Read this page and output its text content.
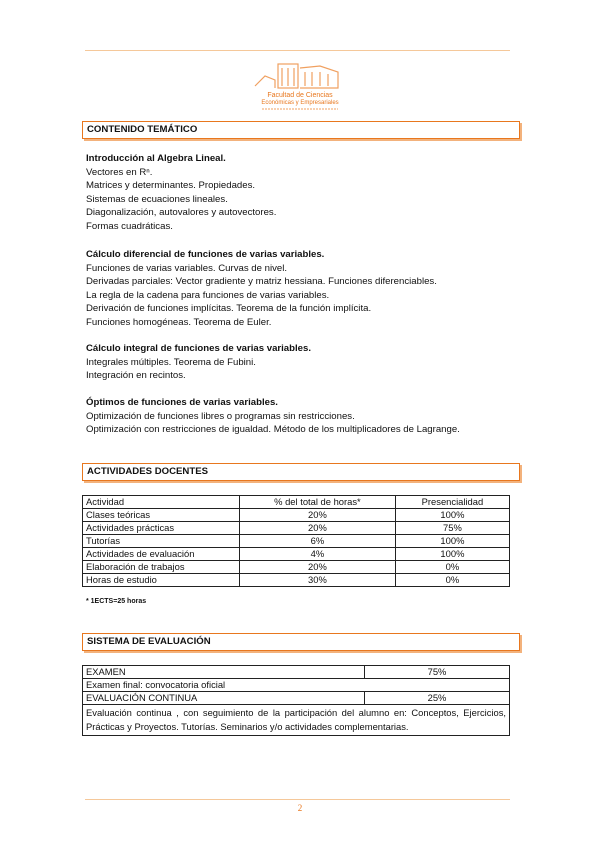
Facultad de Ciencias
Económicas y Empresariales
CONTENIDO TEMÁTICO
Introducción al Algebra Lineal.
Vectores en Rⁿ.
Matrices y determinantes. Propiedades.
Sistemas de ecuaciones lineales.
Diagonalización, autovalores y autovectores.
Formas cuadráticas.
Cálculo diferencial de funciones de varias variables.
Funciones de varias variables. Curvas de nivel.
Derivadas parciales: Vector gradiente y matriz hessiana. Funciones diferenciables.
La regla de la cadena para funciones de varias variables.
Derivación de funciones implícitas. Teorema de la función implícita.
Funciones homogéneas. Teorema de Euler.
Cálculo integral de funciones de varias variables.
Integrales múltiples. Teorema de Fubini.
Integración en recintos.
Óptimos de funciones de varias variables.
Optimización de funciones libres o programas sin restricciones.
Optimización con restricciones de igualdad. Método de los multiplicadores de Lagrange.
ACTIVIDADES DOCENTES
Actividad	% del total de horas*	Presencialidad
Clases teóricas	20%	100%
Actividades prácticas	20%	75%
Tutorías	6%	100%
Actividades de evaluación	4%	100%
Elaboración de trabajos	20%	0%
Horas de estudio	30%	0%
* 1ECTS=25 horas
SISTEMA DE EVALUACIÓN
EXAMEN	75%
Examen final: convocatoria oficial	
EVALUACIÓN CONTINUA	25%
Evaluación continua , con seguimiento de la participación del alumno en: Conceptos, Ejercicios, Prácticas y Proyectos. Tutorías. Seminarios y/o actividades complementarias.	
2
